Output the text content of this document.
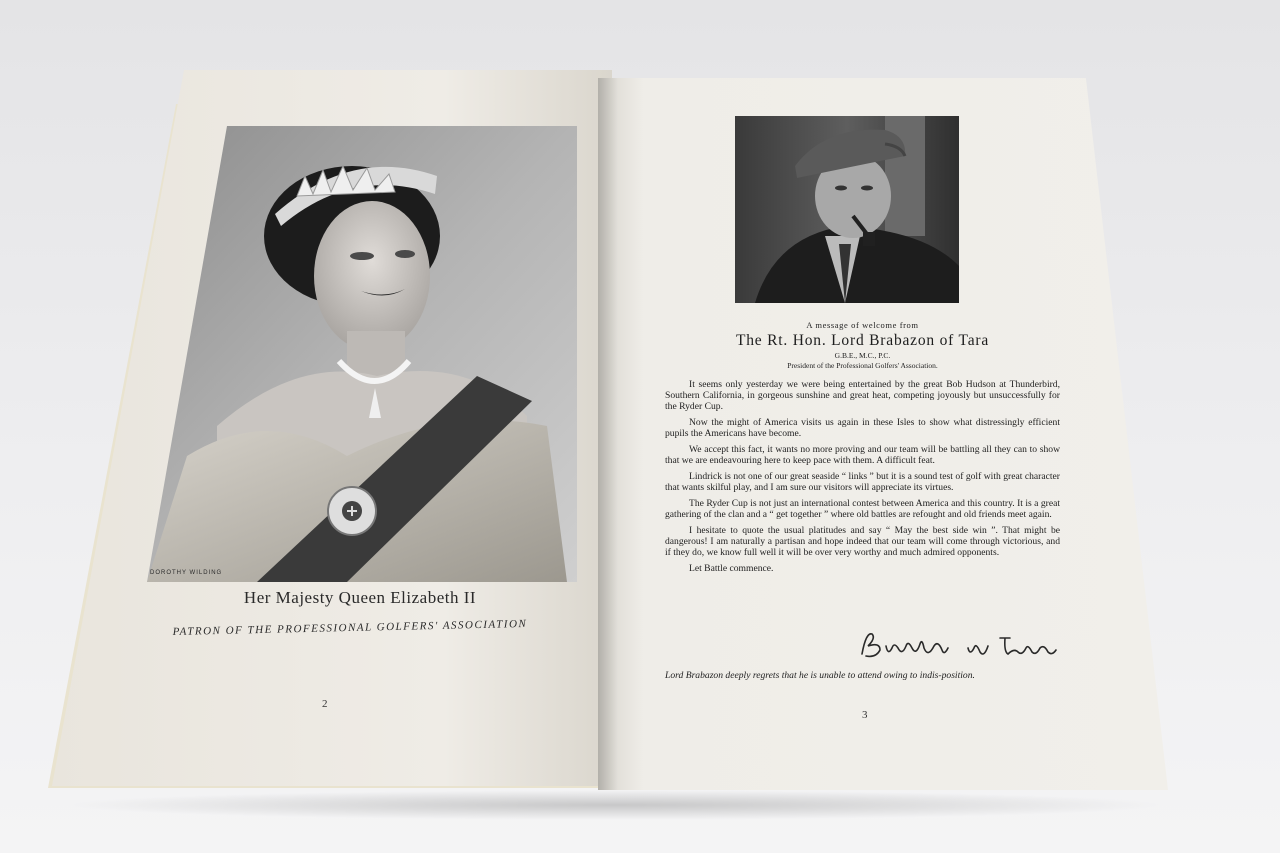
DOROTHY WILDING
Her Majesty Queen Elizabeth II
PATRON OF THE PROFESSIONAL GOLFERS' ASSOCIATION
2
A message of welcome from
The Rt. Hon. Lord Brabazon of Tara
G.B.E., M.C., P.C.
President of the Professional Golfers' Association.

It seems only yesterday we were being entertained by the great Bob Hudson at Thunderbird, Southern California, in gorgeous sunshine and great heat, competing joyously but unsuccessfully for the Ryder Cup.

Now the might of America visits us again in these Isles to show what distressingly efficient pupils the Americans have become.

We accept this fact, it wants no more proving and our team will be battling all they can to show that we are endeavouring here to keep pace with them. A difficult feat.

Lindrick is not one of our great seaside “ links ” but it is a sound test of golf with great character that wants skilful play, and I am sure our visitors will appreciate its virtues.

The Ryder Cup is not just an international contest between America and this country. It is a great gathering of the clan and a “ get together ” where old battles are refought and old friends meet again.

I hesitate to quote the usual platitudes and say “ May the best side win ”. That might be dangerous! I am naturally a partisan and hope indeed that our team will come through victorious, and if they do, we know full well it will be over very worthy and much admired opponents.

Let Battle commence.

Lord Brabazon deeply regrets that he is unable to attend owing to indis-position.
3
